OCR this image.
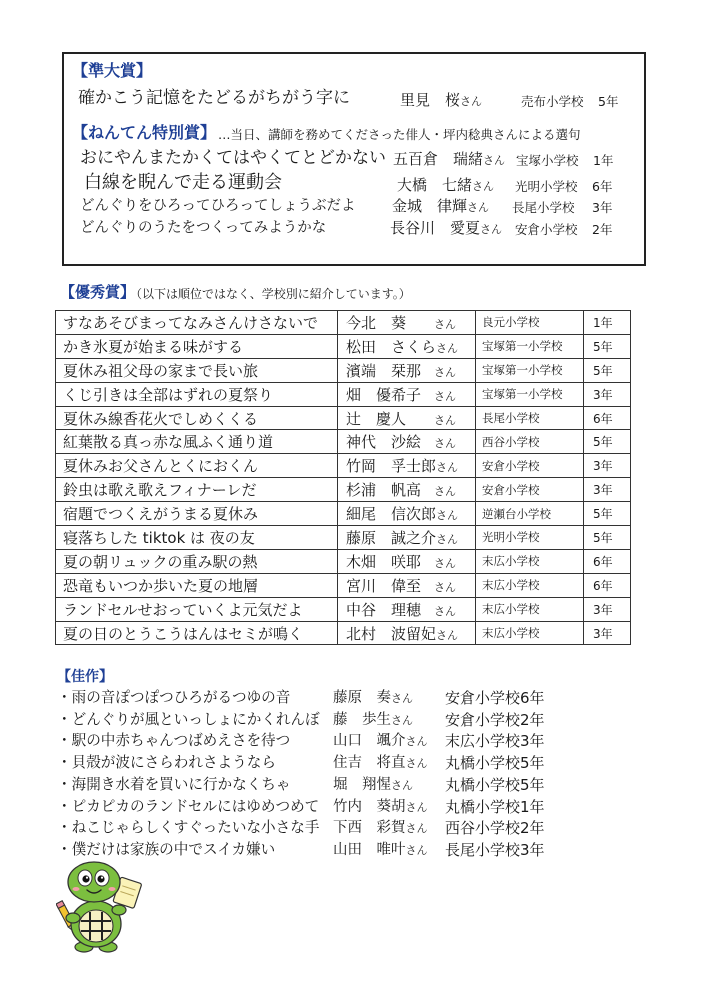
【準大賞】
確かこう記憶をたどるがちがう字に	里見　桜さん	売布小学校 5年
【ねんてん特別賞】 …当日、講師を務めてくださった俳人・坪内稔典さんによる選句
おにやんまたかくてはやくてとどかない 五百倉　瑞緒さん 宝塚小学校 1年
白線を睨んで走る運動会	大橋　七緒さん 光明小学校 6年
どんぐりをひろってひろってしょうぶだよ 金城　律輝さん 長尾小学校 3年
どんぐりのうたをつくってみようかな	長谷川　愛夏さん 安倉小学校 2年
【優秀賞】
（以下は順位ではなく、学校別に紹介しています。）
すなあそびまってなみさんけさないで	今北　葵 さん	良元小学校	1年
かき氷夏が始まる味がする	松田　さくらさん	宝塚第一小学校	5年
夏休み祖父母の家まで長い旅	濱端　栞那 さん	宝塚第一小学校	5年
くじ引きは全部はずれの夏祭り	畑　優希子 さん	宝塚第一小学校	3年
夏休み線香花火でしめくくる	辻　慶人 さん	長尾小学校	6年
紅葉散る真っ赤な風ふく通り道	神代　沙絵 さん	西谷小学校	5年
夏休みお父さんとくにおくん	竹岡　孚士郎さん	安倉小学校	3年
鈴虫は歌え歌えフィナーレだ	杉浦　帆高 さん	安倉小学校	3年
宿題でつくえがうまる夏休み	細尾　信次郎さん	逆瀬台小学校	5年
寝落ちした tiktok は 夜の友	藤原　誠之介さん	光明小学校	5年
夏の朝リュックの重み駅の熱	木畑　咲耶 さん	末広小学校	6年
恐竜もいつか歩いた夏の地層	宮川　偉至 さん	末広小学校	6年
ランドセルせおっていくよ元気だよ	中谷　理穂 さん	末広小学校	3年
夏の日のとうこうはんはセミが鳴く	北村　波留妃さん	末広小学校	3年
【佳作】
・雨の音ぽつぽつひろがるつゆの音	藤原　奏さん 安倉小学校6年
・どんぐりが風といっしょにかくれんぼ 藤　歩生さん 安倉小学校2年
・駅の中赤ちゃんつばめえさを待つ	山口　颯介さん 末広小学校3年
・貝殻が波にさらわれさようなら	住吉　将直さん 丸橋小学校5年
・海開き水着を買いに行かなくちゃ	堀　翔惺さん 丸橋小学校5年
・ピカピカのランドセルにはゆめつめて 竹内　葵胡さん 丸橋小学校1年
・ねこじゃらしくすぐったいな小さな手 下西　彩賀さん 西谷小学校2年
・僕だけは家族の中でスイカ嫌い	山田　唯叶さん 長尾小学校3年
